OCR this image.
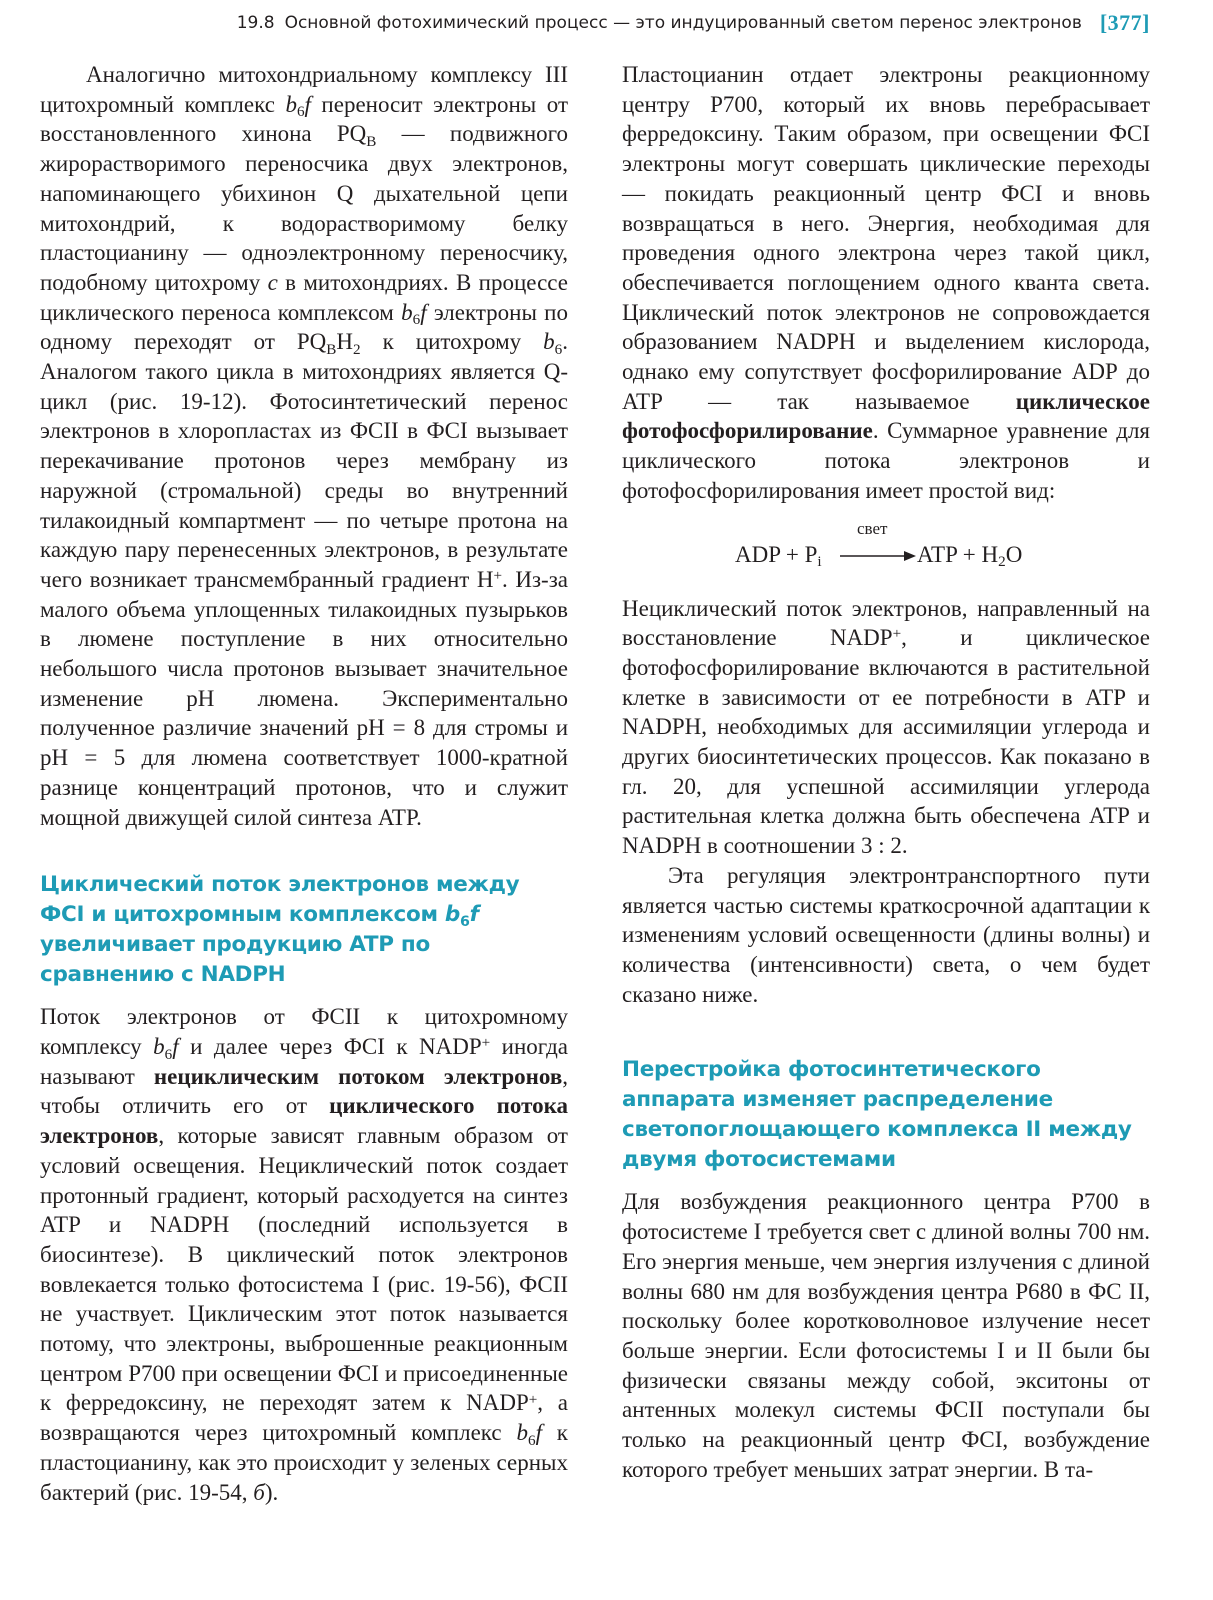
19.8 Основной фотохимический процесс — это индуцированный светом перенос электронов [377]

Аналогично митохондриальному комплексу III цитохромный комплекс $b_6f$ переносит электроны от восстановленного хинона $PQ_B$ — подвижного жирорастворимого переносчика двух электронов, напоминающего убихинон Q дыхательной цепи митохондрий, к водорастворимому белку пластоцианину — одноэлектронному переносчику, подобному цитохрому c в митохондриях. В процессе циклического переноса комплексом $b_6f$ электроны по одному переходят от $PQ_BH_2$ к цитохрому $b_6$. Аналогом такого цикла в митохондриях является Q-цикл (рис. 19-12). Фотосинтетический перенос электронов в хлоропластах из ФСII в ФСI вызывает перекачивание протонов через мембрану из наружной (стромальной) среды во внутренний тилакоидный компартмент — по четыре протона на каждую пару перенесенных электронов, в результате чего возникает трансмембранный градиент H+. Из-за малого объема уплощенных тилакоидных пузырьков в люмене поступление в них относительно небольшого числа протонов вызывает значительное изменение pH люмена. Экспериментально полученное различие значений pH = 8 для стромы и pH = 5 для люмена соответствует 1000-кратной разнице концентраций протонов, что и служит мощной движущей силой синтеза ATP.

Циклический поток электронов между ФСI и цитохромным комплексом $b_6f$ увеличивает продукцию ATP по сравнению с NADPH

Поток электронов от ФСII к цитохромному комплексу $b_6f$ и далее через ФСI к NADP+ иногда называют нециклическим потоком электронов, чтобы отличить его от циклического потока электронов, которые зависят главным образом от условий освещения. Нециклический поток создает протонный градиент, который расходуется на синтез ATP и NADPH (последний используется в биосинтезе). В циклический поток электронов вовлекается только фотосистема I (рис. 19-56), ФСII не участвует. Циклическим этот поток называется потому, что электроны, выброшенные реакционным центром P700 при освещении ФСI и присоединенные к ферредоксину, не переходят затем к NADP+, а возвращаются через цитохромный комплекс $b_6f$ к пластоцианину, как это происходит у зеленых серных бактерий (рис. 19-54, б).

Пластоцианин отдает электроны реакционному центру P700, который их вновь перебрасывает ферредоксину. Таким образом, при освещении ФСI электроны могут совершать циклические переходы — покидать реакционный центр ФСI и вновь возвращаться в него. Энергия, необходимая для проведения одного электрона через такой цикл, обеспечивается поглощением одного кванта света. Циклический поток электронов не сопровождается образованием NADPH и выделением кислорода, однако ему сопутствует фосфорилирование ADP до ATP — так называемое циклическое фотофосфорилирование. Суммарное уравнение для циклического потока электронов и фотофосфорилирования имеет простой вид:

ADP + $P_i$
свет
→ ATP + $H_2O$

Нециклический поток электронов, направленный на восстановление NADP+, и циклическое фотофосфорилирование включаются в растительной клетке в зависимости от ее потребности в ATP и NADPH, необходимых для ассимиляции углерода и других биосинтетических процессов. Как показано в гл. 20, для успешной ассимиляции углерода растительная клетка должна быть обеспечена ATP и NADPH в соотношении 3 : 2.

Эта регуляция электронтранспортного пути является частью системы краткосрочной адаптации к изменениям условий освещенности (длины волны) и количества (интенсивности) света, о чем будет сказано ниже.

Перестройка фотосинтетического аппарата изменяет распределение светопоглощающего комплекса II между двумя фотосистемами

Для возбуждения реакционного центра P700 в фотосистеме I требуется свет с длиной волны 700 нм. Его энергия меньше, чем энергия излучения с длиной волны 680 нм для возбуждения центра P680 в ФС II, поскольку более коротковолновое излучение несет больше энергии. Если фотосистемы I и II были бы физически связаны между собой, экситоны от антенных молекул системы ФСII поступали бы только на реакционный центр ФСI, возбуждение которого требует меньших затрат энергии. В та-
